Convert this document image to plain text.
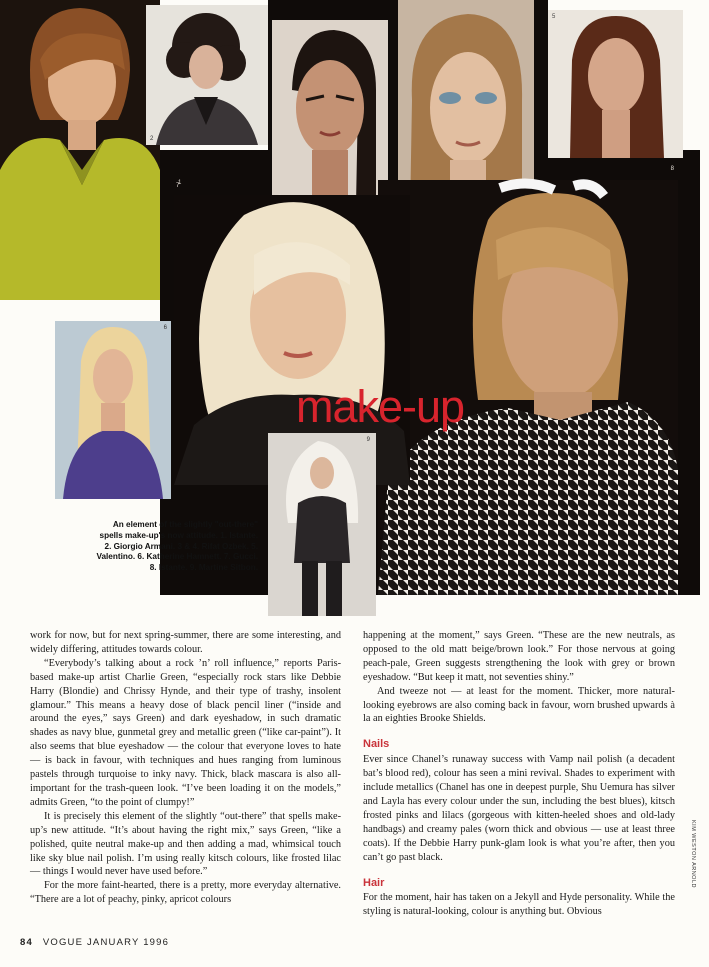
2
5
8
7
6
9
1
make-up
An element of the slightly "out-there" spells make-up's now attitude. 1. Istante. 2. Giorgio Armani. 3 & 4. Rifat Ozbek. 5. Valentino. 6. Katherine Hamnett. 7. Gucci. 8. Istante. 9. Martine Sitbon.

work for now, but for next spring-summer, there are some interesting, and widely differing, attitudes towards colour.

“Everybody’s talking about a rock ’n’ roll influence,” reports Paris-based make-up artist Charlie Green, “especially rock stars like Debbie Harry (Blondie) and Chrissy Hynde, and their type of trashy, insolent glamour.” This means a heavy dose of black pencil liner (“inside and around the eyes,” says Green) and dark eyeshadow, in such dramatic shades as navy blue, gunmetal grey and metallic green (“like car-paint”). It also seems that blue eyeshadow — the colour that everyone loves to hate — is back in favour, with techniques and hues ranging from luminous pastels through turquoise to inky navy. Thick, black mascara is also all-important for the trash-queen look. “I’ve been loading it on the models,” admits Green, “to the point of clumpy!”

It is precisely this element of the slightly “out-there” that spells make-up’s new attitude. “It’s about having the right mix,” says Green, “like a polished, quite neutral make-up and then adding a mad, whimsical touch like sky blue nail polish. I’m using really kitsch colours, like frosted lilac — things I would never have used before.”

For the more faint-hearted, there is a pretty, more everyday alternative. “There are a lot of peachy, pinky, apricot colours

happening at the moment,” says Green. “These are the new neutrals, as opposed to the old matt beige/brown look.” For those nervous at going peach-pale, Green suggests strengthening the look with grey or brown eyeshadow. “But keep it matt, not seventies shiny.”

And tweeze not — at least for the moment. Thicker, more natural-looking eyebrows are also coming back in favour, worn brushed upwards à la an eighties Brooke Shields.

Nails

Ever since Chanel’s runaway success with Vamp nail polish (a decadent bat’s blood red), colour has seen a mini revival. Shades to experiment with include metallics (Chanel has one in deepest purple, Shu Uemura has silver and Layla has every colour under the sun, including the best blues), kitsch frosted pinks and lilacs (gorgeous with kitten-heeled shoes and old-lady handbags) and creamy pales (worn thick and obvious — use at least three coats). If the Debbie Harry punk-glam look is what you’re after, then you can’t go past black.

Hair

For the moment, hair has taken on a Jekyll and Hyde personality. While the styling is natural-looking, colour is anything but. Obvious

KIM WESTON ARNOLD
84 VOGUE JANUARY 1996
